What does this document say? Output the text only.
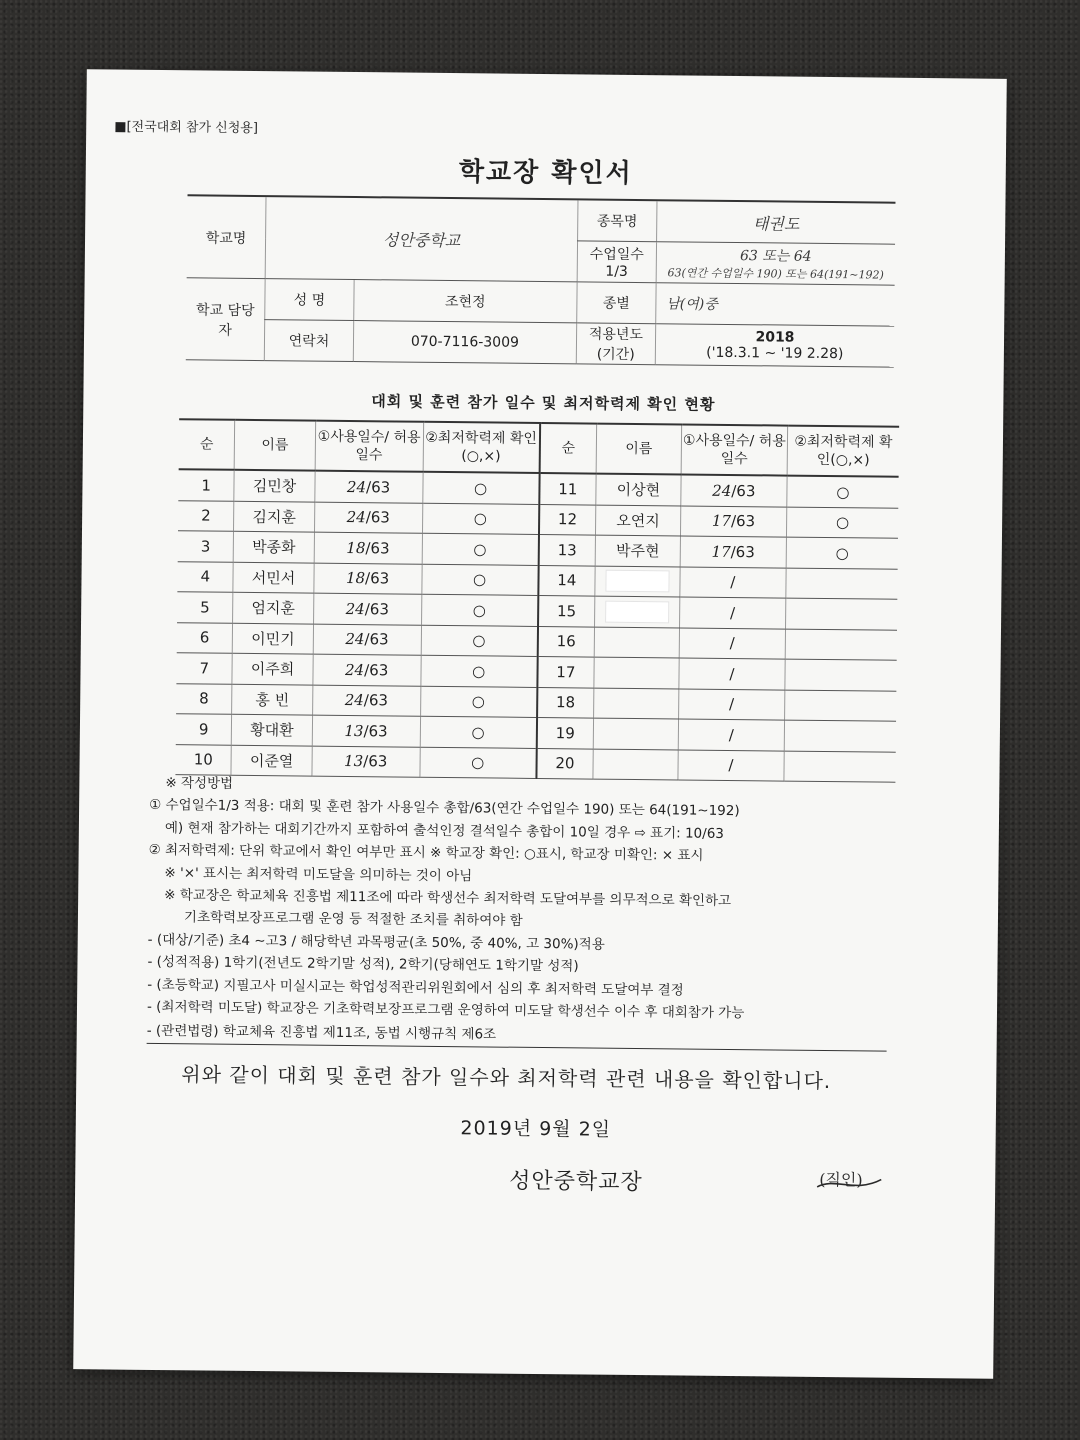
■[전국대회 참가 신청용]
학교장 확인서
학교명	성안중학교		종목명	태권도
			수업일수 1/3	63 또는 64
63(연간 수업일수 190) 또는 64(191~192)

학교 담당자	성 명	조현정	종별	남(여)중
	연락처	070-7116-3009	적용년도 (기간)	2018
('18.3.1 ~ '19 2.28)
대회 및 훈련 참가 일수 및 최저학력제 확인 현황
순	이름	①사용일수/ 허용일수	②최저학력제 확인(○,×)	순	이름	①사용일수/ 허용일수	②최저학력제 확인(○,×)
1	김민창	24/63	○	11	이상현	24/63	○
2	김지훈	24/63	○	12	오연지	17/63	○
3	박종화	18/63	○	13	박주현	17/63	○
4	서민서	18/63	○	14		/	
5	엄지훈	24/63	○	15		/	
6	이민기	24/63	○	16		/	
7	이주희	24/63	○	17		/	
8	홍 빈	24/63	○	18		/	
9	황대환	13/63	○	19		/	
10	이준열	13/63	○	20		/	
※ 작성방법
① 수업일수1/3 적용: 대회 및 훈련 참가 사용일수 총합/63(연간 수업일수 190) 또는 64(191~192)
예) 현재 참가하는 대회기간까지 포함하여 출석인정 결석일수 총합이 10일 경우 ⇨ 표기: 10/63
② 최저학력제: 단위 학교에서 확인 여부만 표시 ※ 학교장 확인: ○표시, 학교장 미확인: × 표시
※ '×' 표시는 최저학력 미도달을 의미하는 것이 아님
※ 학교장은 학교체육 진흥법 제11조에 따라 학생선수 최저학력 도달여부를 의무적으로 확인하고
기초학력보장프로그램 운영 등 적절한 조치를 취하여야 함
- (대상/기준) 초4 ~고3 / 해당학년 과목평균(초 50%, 중 40%, 고 30%)적용
- (성적적용) 1학기(전년도 2학기말 성적), 2학기(당해연도 1학기말 성적)
- (초등학교) 지필고사 미실시교는 학업성적관리위원회에서 심의 후 최저학력 도달여부 결정
- (최저학력 미도달) 학교장은 기초학력보장프로그램 운영하여 미도달 학생선수 이수 후 대회참가 가능
- (관련법령) 학교체육 진흥법 제11조, 동법 시행규칙 제6조
위와 같이 대회 및 훈련 참가 일수와 최저학력 관련 내용을 확인합니다.
2019년 9월 2일
성안중학교장	(직인)
